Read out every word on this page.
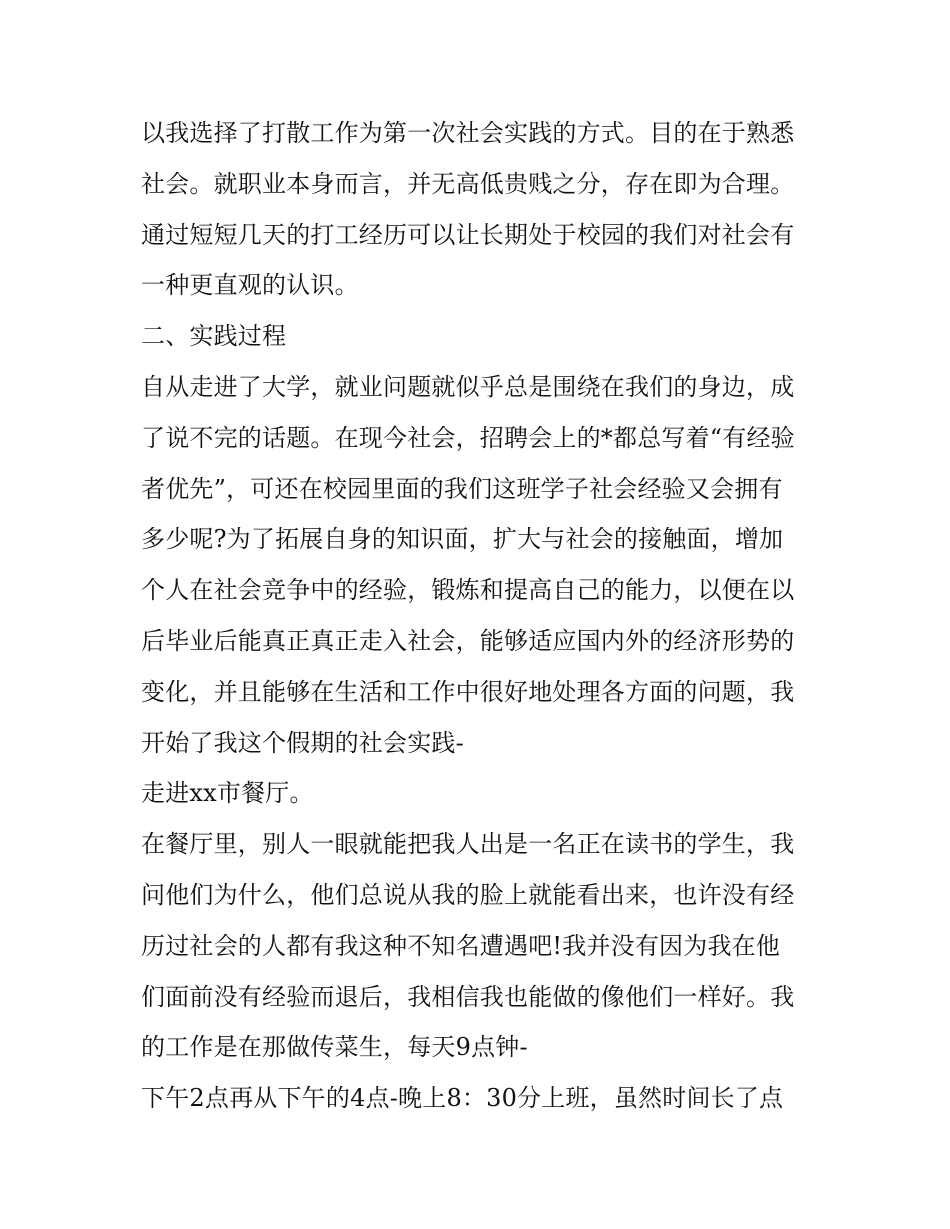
以我选择了打散工作为第一次社会实践的方式。目的在于熟悉
社会。就职业本身而言，并无高低贵贱之分，存在即为合理。
通过短短几天的打工经历可以让长期处于校园的我们对社会有
一种更直观的认识。
二、实践过程
自从走进了大学，就业问题就似乎总是围绕在我们的身边，成
了说不完的话题。在现今社会，招聘会上的*都总写着“有经验
者优先”，可还在校园里面的我们这班学子社会经验又会拥有
多少呢?为了拓展自身的知识面，扩大与社会的接触面，增加
个人在社会竞争中的经验，锻炼和提高自己的能力，以便在以
后毕业后能真正真正走入社会，能够适应国内外的经济形势的
变化，并且能够在生活和工作中很好地处理各方面的问题，我
开始了我这个假期的社会实践-
走进xx市餐厅。
在餐厅里，别人一眼就能把我人出是一名正在读书的学生，我
问他们为什么，他们总说从我的脸上就能看出来，也许没有经
历过社会的人都有我这种不知名遭遇吧!我并没有因为我在他
们面前没有经验而退后，我相信我也能做的像他们一样好。我
的工作是在那做传菜生，每天9点钟-
下午2点再从下午的4点-晚上8：30分上班，虽然时间长了点
